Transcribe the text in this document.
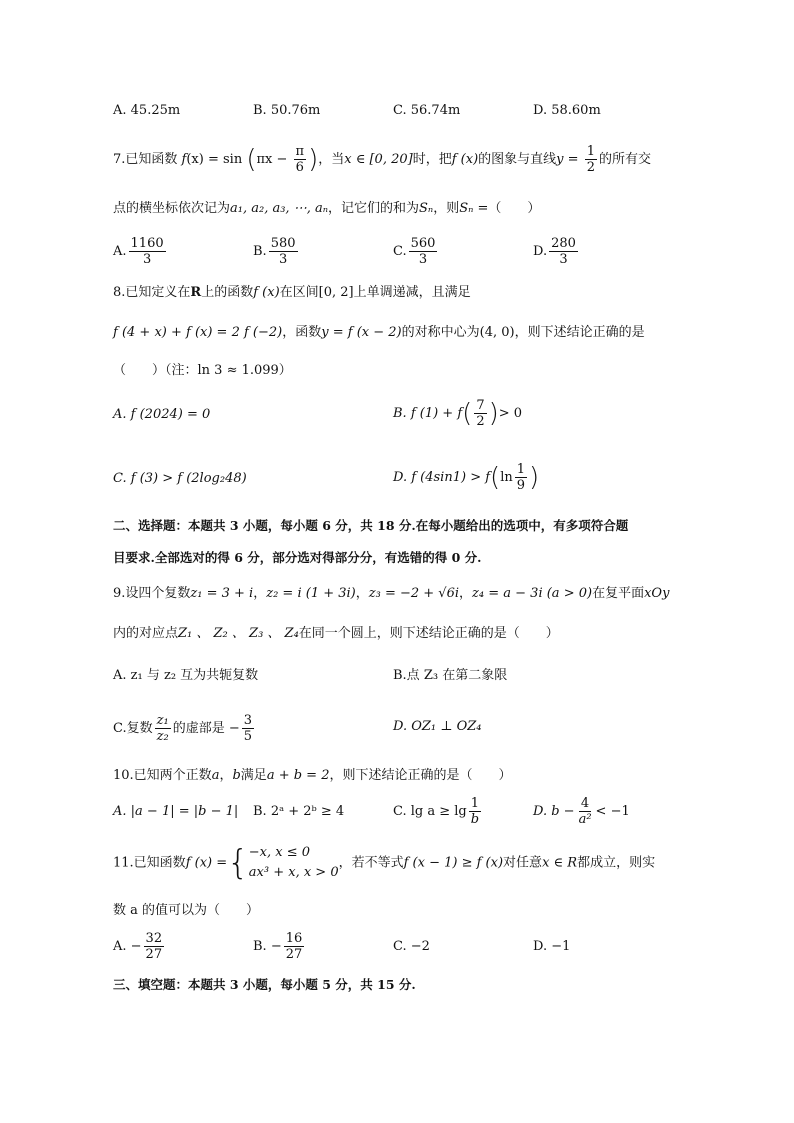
A. 45.25m	B. 50.76m	C. 56.74m	D. 58.60m
7.已知函数 $f(x) = \sin (\pi x - \frac{\pi}{6}$ )，当x ∈ [0, 20]时，把f (x)的图象与直线$y = \frac{1}{2}$ 的所有交
点的横坐标依次记为a₁, a₂, a₃, ⋯, aₙ，记它们的和为Sₙ，则Sₙ =（　　）
A. $\frac{1160}{3}$	B. $\frac{580}{3}$	C. $\frac{560}{3}$	D. $\frac{280}{3}$
8.已知定义在R上的函数f (x)在区间[0, 2]上单调递减，且满足
f (4 + x) + f (x) = 2 f (−2)，函数y = f (x − 2)的对称中心为(4, 0)，则下述结论正确的是
（　　）（注：ln 3 ≈ 1.099）
A. f (2024) = 0	B. f $(1) + f( \frac{7}{2}$ )> 0
C. f (3) > f (2log₂48)	D. f $(4\sin 1) > f(\ln \frac{1}{9}$ )
二、选择题：本题共 3 小题，每小题 6 分，共 18 分.在每小题给出的选项中，有多项符合题
目要求.全部选对的得 6 分，部分选对得部分分，有选错的得 0 分.
9.设四个复数z₁ = 3 + i，z₂ = i (1 + 3i)，z₃ = −2 + √6i，z₄ = a − 3i (a > 0)在复平面xOy
内的对应点Z₁ 、 Z₂ 、 Z₃ 、 Z₄在同一个圆上，则下述结论正确的是（　　）
A. z₁ 与 z₂ 互为共轭复数	B.点 Z₃ 在第二象限
C.复数 $\frac{\text{z₁}}{\text{z₂}}$ 的虚部是 − $\frac{3}{5}$	D. OZ₁ ⊥ OZ₄
10.已知两个正数a，b满足a + b = 2，则下述结论正确的是（　　）
A. |a − 1| = |b − 1| B. 2ᵃ + 2ᵇ ≥ 4	C. $\lg a \ge \lg \frac{1}{b}$	D. $b - \frac{4}{\text{a²}} < -1$
11.已知函数f (x) ={ −x, x ≤ 0
ax³ + x, x > 0
，若不等式f (x − 1) ≥ f (x)对任意x ∈ R都成立，则实
数 a 的值可以为（　　）
A. − $\frac{32}{27}$	B. − $\frac{16}{27}$	C. −2	D. −1
三、填空题：本题共 3 小题，每小题 5 分，共 15 分.
